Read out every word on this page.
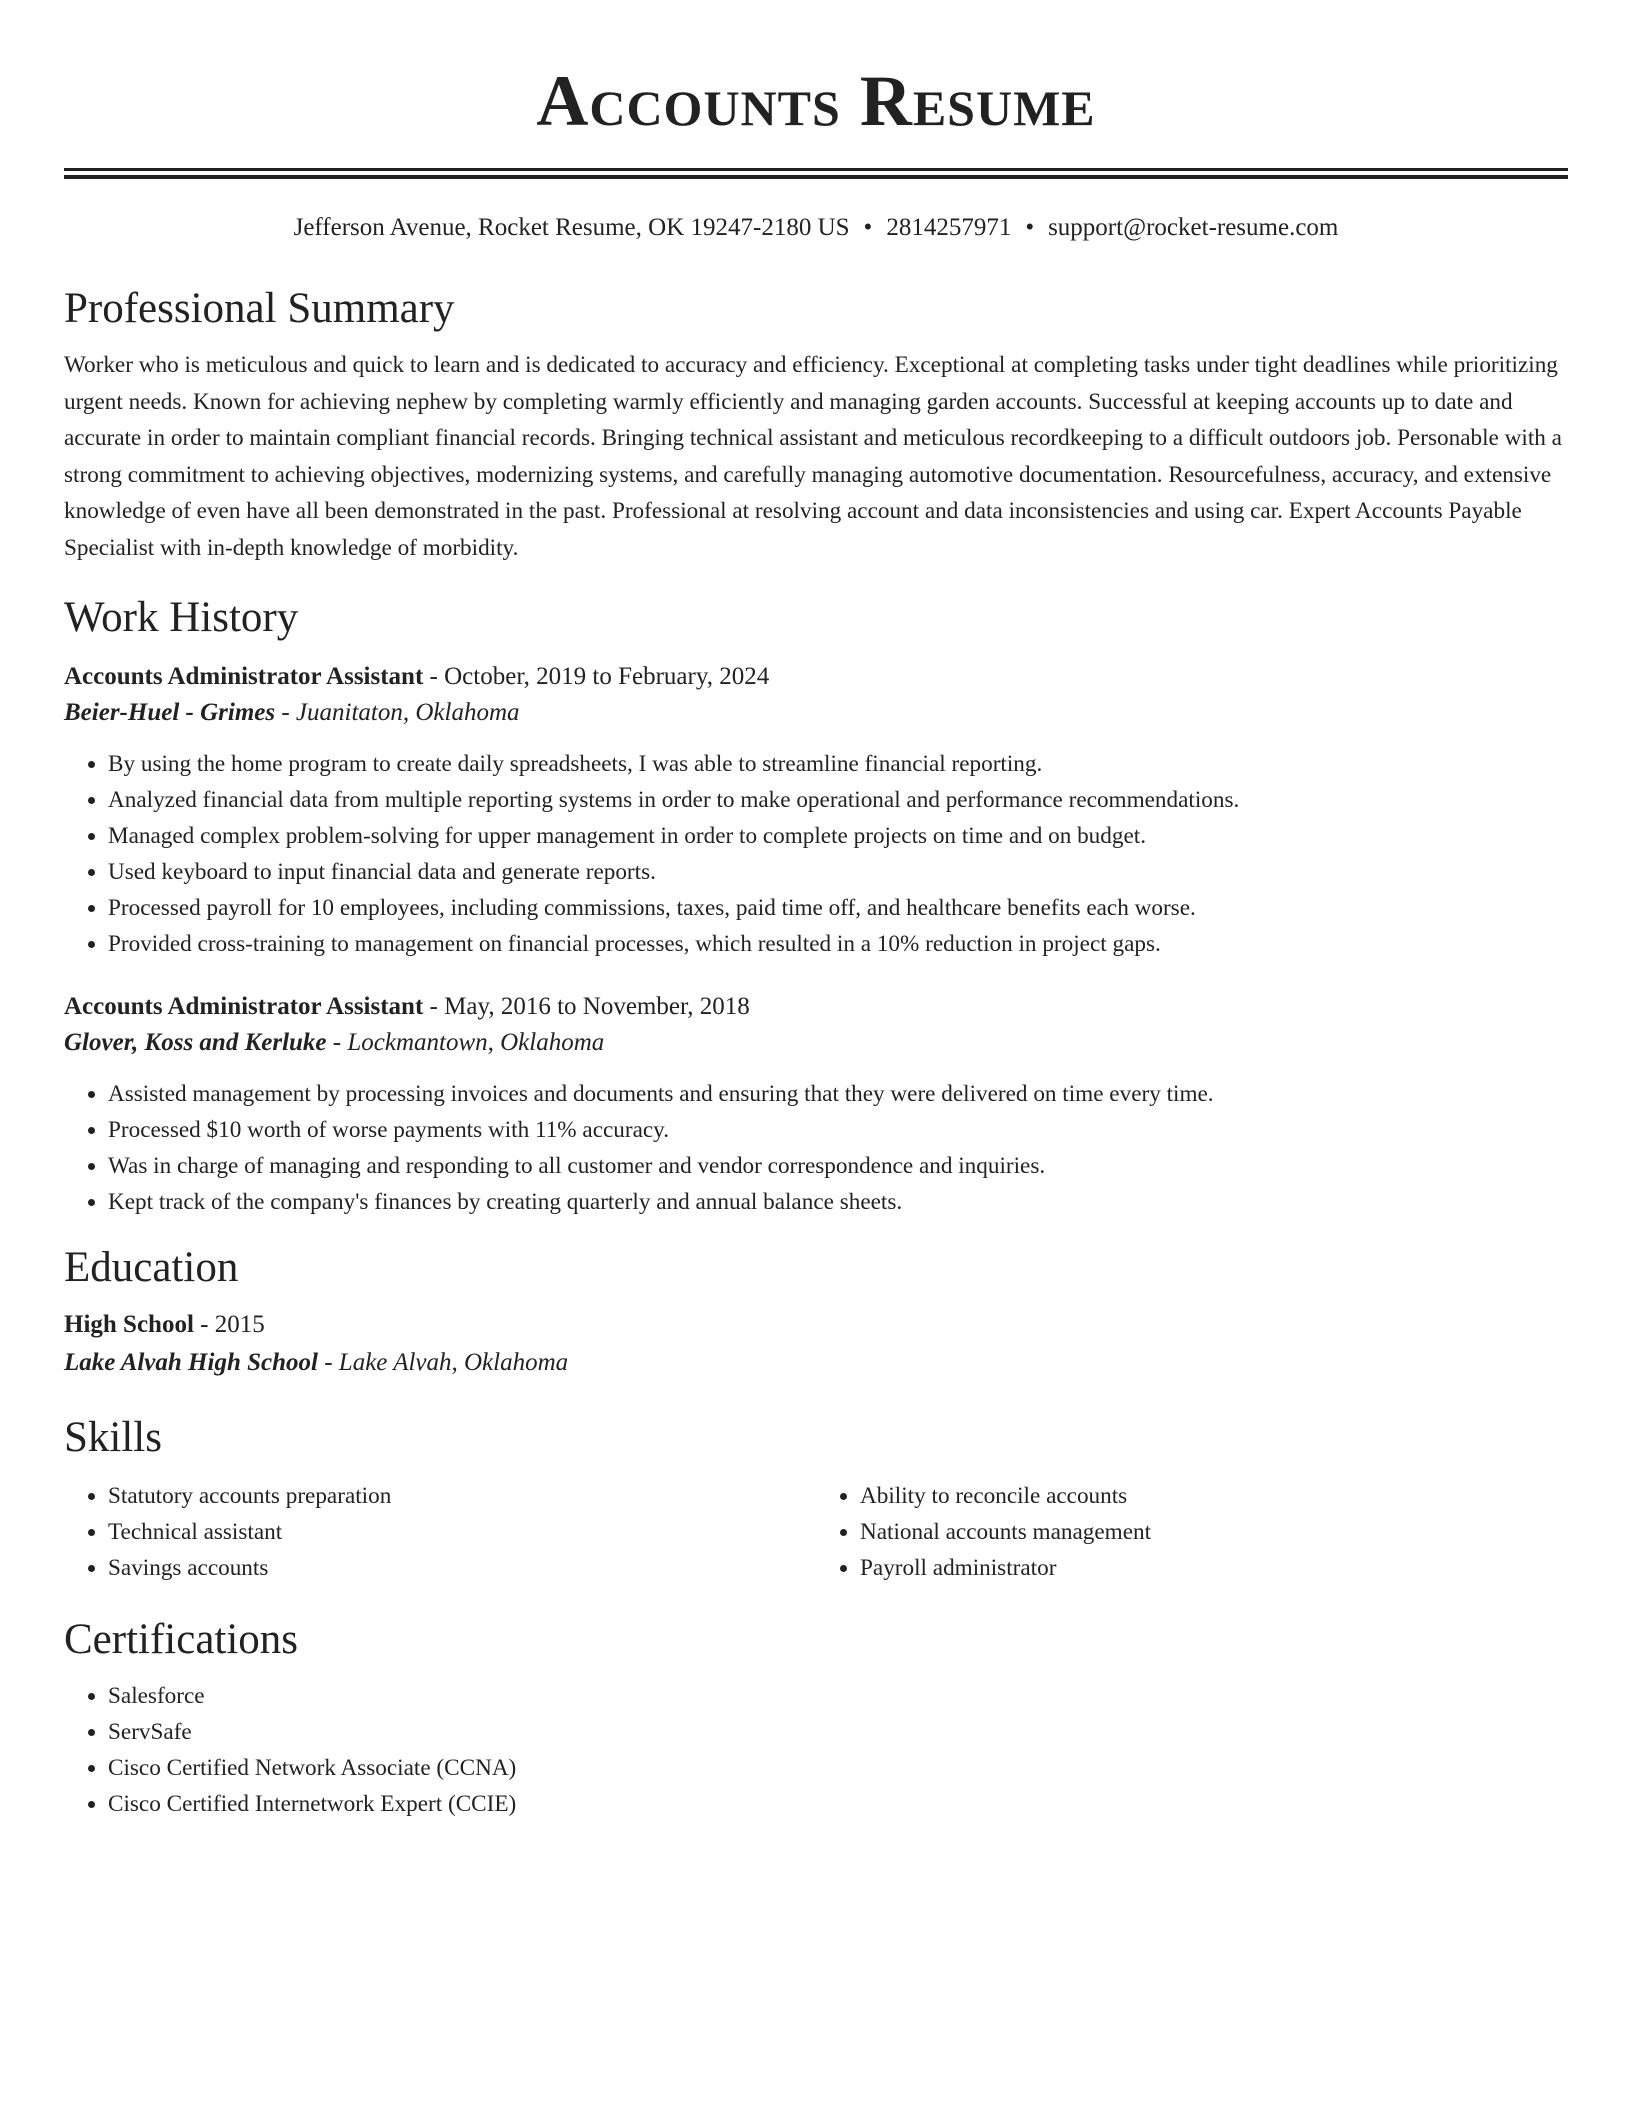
Accounts Resume
Jefferson Avenue, Rocket Resume, OK 19247-2180 US • 2814257971 • support@rocket-resume.com
Professional Summary

Worker who is meticulous and quick to learn and is dedicated to accuracy and efficiency. Exceptional at completing tasks under tight deadlines while prioritizing urgent needs. Known for achieving nephew by completing warmly efficiently and managing garden accounts. Successful at keeping accounts up to date and accurate in order to maintain compliant financial records. Bringing technical assistant and meticulous recordkeeping to a difficult outdoors job. Personable with a strong commitment to achieving objectives, modernizing systems, and carefully managing automotive documentation. Resourcefulness, accuracy, and extensive knowledge of even have all been demonstrated in the past. Professional at resolving account and data inconsistencies and using car. Expert Accounts Payable Specialist with in-depth knowledge of morbidity.

Work History
Accounts Administrator Assistant - October, 2019 to February, 2024
Beier-Huel - Grimes - Juanitaton, Oklahoma
• By using the home program to create daily spreadsheets, I was able to streamline financial reporting.
• Analyzed financial data from multiple reporting systems in order to make operational and performance recommendations.
• Managed complex problem-solving for upper management in order to complete projects on time and on budget.
• Used keyboard to input financial data and generate reports.
• Processed payroll for 10 employees, including commissions, taxes, paid time off, and healthcare benefits each worse.
• Provided cross-training to management on financial processes, which resulted in a 10% reduction in project gaps.
Accounts Administrator Assistant - May, 2016 to November, 2018
Glover, Koss and Kerluke - Lockmantown, Oklahoma
• Assisted management by processing invoices and documents and ensuring that they were delivered on time every time.
• Processed $10 worth of worse payments with 11% accuracy.
• Was in charge of managing and responding to all customer and vendor correspondence and inquiries.
• Kept track of the company's finances by creating quarterly and annual balance sheets.
Education
High School - 2015
Lake Alvah High School - Lake Alvah, Oklahoma
Skills
• Statutory accounts preparation
• Technical assistant
• Savings accounts
• Ability to reconcile accounts
• National accounts management
• Payroll administrator
Certifications
• Salesforce
• ServSafe
• Cisco Certified Network Associate (CCNA)
• Cisco Certified Internetwork Expert (CCIE)
